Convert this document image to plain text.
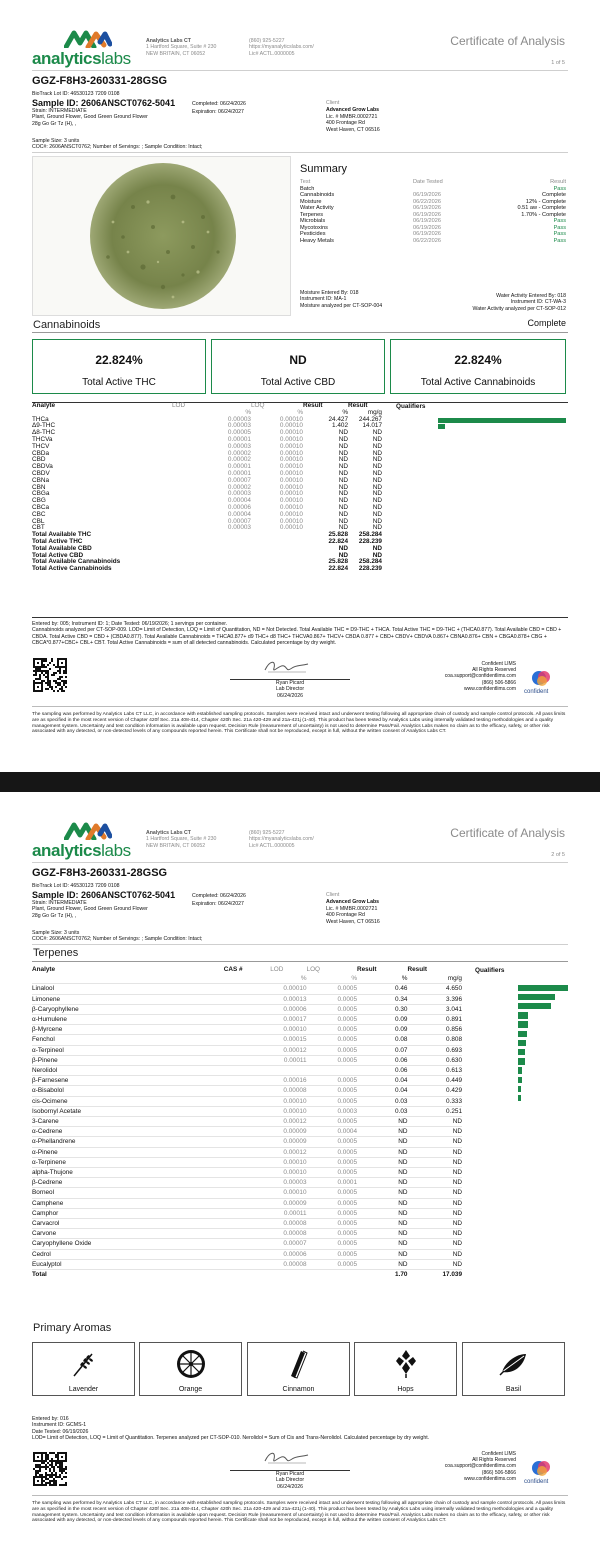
analyticslabs
Analytics Labs CT
1 Hartford Square, Suite # 230
NEW BRITAIN, CT 06052
(860) 925-5227
https://myanalyticslabs.com/
Lic# ACTL.0000005
Certificate of Analysis
1 of 5
GGZ-F8H3-260331-28GSG
BioTrack Lot ID: 46530123 7209 0108
Sample ID: 2606ANSCT0762-5041	Completed: 06/24/2026
Expiration: 06/24/2027
Strain: INTERMEDIATE
Plant, Ground Flower, Good Green Ground Flower
28g Go Gr Tz (H), ,
Sample Size: 3 units
COC#: 2606ANSCT0762; Number of Servings: ; Sample Condition: Intact;
Client
Advanced Grow Labs
Lic. # MMBR.0002721
400 Frontage Rd
West Haven, CT 06516
Summary
Test	Date Tested	Result
Batch		Pass
Cannabinoids	06/19/2026	Complete
Moisture	06/22/2026	12% - Complete
Water Activity	06/19/2026	0.51 aw - Complete
Terpenes	06/19/2026	1.70% - Complete
Microbials	06/19/2026	Pass
Mycotoxins	06/19/2026	Pass
Pesticides	06/19/2026	Pass
Heavy Metals	06/22/2026	Pass
Moisture Entered By: 018
Instrument ID: MA-1
Moisture analyzed per CT-SOP-004
Water Activity Entered By: 018
Instrument ID: CT-WA-3
Water Activity analyzed per CT-SOP-012
Cannabinoids	Complete
22.824%
Total Active THC
ND
Total Active CBD
22.824%
Total Active Cannabinoids
Analyte	LOD	LOQ	Result	Result
	%	%	%	mg/g
THCa	0.00003	0.00010	24.427	244.267
Δ9-THC	0.00003	0.00010	1.402	14.017
Δ8-THC	0.00005	0.00010	ND	ND
THCVa	0.00001	0.00010	ND	ND
THCV	0.00003	0.00010	ND	ND
CBDa	0.00002	0.00010	ND	ND
CBD	0.00002	0.00010	ND	ND
CBDVa	0.00001	0.00010	ND	ND
CBDV	0.00001	0.00010	ND	ND
CBNa	0.00007	0.00010	ND	ND
CBN	0.00002	0.00010	ND	ND
CBGa	0.00003	0.00010	ND	ND
CBG	0.00004	0.00010	ND	ND
CBCa	0.00006	0.00010	ND	ND
CBC	0.00004	0.00010	ND	ND
CBL	0.00007	0.00010	ND	ND
CBT	0.00003	0.00010	ND	ND
Total Available THC			25.828	258.284
Total Active THC			22.824	228.239
Total Available CBD			ND	ND
Total Active CBD			ND	ND
Total Available Cannabinoids			25.828	258.284
Total Active Cannabinoids			22.824	228.239
Qualifiers
Entered by: 005; Instrument ID: 1; Date Tested: 06/19/2026; 1 servings per container.
Cannabinoids analyzed per CT-SOP-009. LOD= Limit of Detection, LOQ = Limit of Quantitation, ND = Not Detected. Total Available THC = D9-THC + THCA. Total Active THC = D9-THC + (THCA0.877). Total Available CBD = CBD + CBDA. Total Active CBD = CBD + (CBDA0.877). Total Available Cannabinoids = THCA0.877+ d9 THC+ d8 THC+ THCVA0.867+ THCV+ CBDA 0.877 + CBD+ CBDV+ CBDVA 0.867+ CBNA0.876+ CBN + CBGA0.878+ CBG + CBCA*0.877+CBC+ CBL+ CBT. Total Active Cannabinoids = sum of all detected cannabinoids. Calculated percentage by dry weight.
Ryan Picard
Lab Director
06/24/2026
Confident LIMS
All Rights Reserved
coa.support@confidentlims.com
(866) 506-5866
www.confidentlims.com
confident
The sampling was performed by Analytics Labs CT LLC, in accordance with established sampling protocols. Samples were received intact and underwent testing following all appropriate chain of custody and sample control protocols. All pass limits are as specified in the most recent version of Chapter 420f Sec. 21a 408-414, Chapter 420h Sec. 21a 420-429 and 21a-421j (1-40). This product has been tested by Analytics Labs using internally validated testing methodologies and a quality management system. Uncertainty and test condition information is available upon request. Decision Rule (measurement of uncertainty) is not used to determine Pass/Fail. Analytics Labs makes no claim as to the efficacy, safety, or other risk associated with any detected, or non-detected levels of any compounds reported herein. This Certificate shall not be reproduced, except in full, without the written consent of Analytics Labs CT.
analyticslabs
Analytics Labs CT
1 Hartford Square, Suite # 230
NEW BRITAIN, CT 06052
(860) 925-5227
https://myanalyticslabs.com/
Lic# ACTL.0000005
Certificate of Analysis
2 of 5
GGZ-F8H3-260331-28GSG
BioTrack Lot ID: 46530123 7209 0108
Sample ID: 2606ANSCT0762-5041	Completed: 06/24/2026
Expiration: 06/24/2027
Strain: INTERMEDIATE
Plant, Ground Flower, Good Green Ground Flower
28g Go Gr Tz (H), ,
Sample Size: 3 units
COC#: 2606ANSCT0762; Number of Servings: ; Sample Condition: Intact;
Client
Advanced Grow Labs
Lic. # MMBR.0002721
400 Frontage Rd
West Haven, CT 06516
Terpenes
Analyte	CAS #	LOD	LOQ	Result	Result
		%	%	%	mg/g
Linalool		0.00010	0.0005	0.46	4.650
Limonene		0.00013	0.0005	0.34	3.396
β-Caryophyllene		0.00006	0.0005	0.30	3.041
α-Humulene		0.00017	0.0005	0.09	0.891
β-Myrcene		0.00010	0.0005	0.09	0.856
Fenchol		0.00015	0.0005	0.08	0.808
α-Terpineol		0.00012	0.0005	0.07	0.693
β-Pinene		0.00011	0.0005	0.06	0.630
Nerolidol				0.06	0.613
β-Farnesene		0.00016	0.0005	0.04	0.449
α-Bisabolol		0.00008	0.0005	0.04	0.429
cis-Ocimene		0.00010	0.0005	0.03	0.333
Isobornyl Acetate		0.00010	0.0003	0.03	0.251
3-Carene		0.00012	0.0005	ND	ND
α-Cedrene		0.00009	0.0004	ND	ND
α-Phellandrene		0.00009	0.0005	ND	ND
α-Pinene		0.00012	0.0005	ND	ND
α-Terpinene		0.00010	0.0005	ND	ND
alpha-Thujone		0.00010	0.0005	ND	ND
β-Cedrene		0.00003	0.0001	ND	ND
Borneol		0.00010	0.0005	ND	ND
Camphene		0.00009	0.0005	ND	ND
Camphor		0.00011	0.0005	ND	ND
Carvacrol		0.00008	0.0005	ND	ND
Carvone		0.00008	0.0005	ND	ND
Caryophyllene Oxide		0.00007	0.0005	ND	ND
Cedrol		0.00006	0.0005	ND	ND
Eucalyptol		0.00008	0.0005	ND	ND
Total				1.70	17.039
Qualifiers
Primary Aromas
Lavender	Orange	Cinnamon	Hops	Basil
Entered by: 016
Instrument ID: GCMS-1
Date Tested: 06/19/2026
LOD= Limit of Detection, LOQ = Limit of Quantitation. Terpenes analyzed per CT-SOP-010. Nerolidol = Sum of Cis and Trans-Nerolidol. Calculated percentage by dry weight.
Ryan Picard
Lab Director
06/24/2026
Confident LIMS
All Rights Reserved
coa.support@confidentlims.com
(866) 506-5866
www.confidentlims.com
confident
The sampling was performed by Analytics Labs CT LLC, in accordance with established sampling protocols. Samples were received intact and underwent testing following all appropriate chain of custody and sample control protocols. All pass limits are as specified in the most recent version of Chapter 420f Sec. 21a 408-414, Chapter 420h Sec. 21a 420-429 and 21a-421j (1-40). This product has been tested by Analytics Labs using internally validated testing methodologies and a quality management system. Uncertainty and test condition information is available upon request. Decision Rule (measurement of uncertainty) is not used to determine Pass/Fail. Analytics Labs makes no claim as to the efficacy, safety, or other risk associated with any detected, or non-detected levels of any compounds reported herein. This Certificate shall not be reproduced, except in full, without the written consent of Analytics Labs CT.
